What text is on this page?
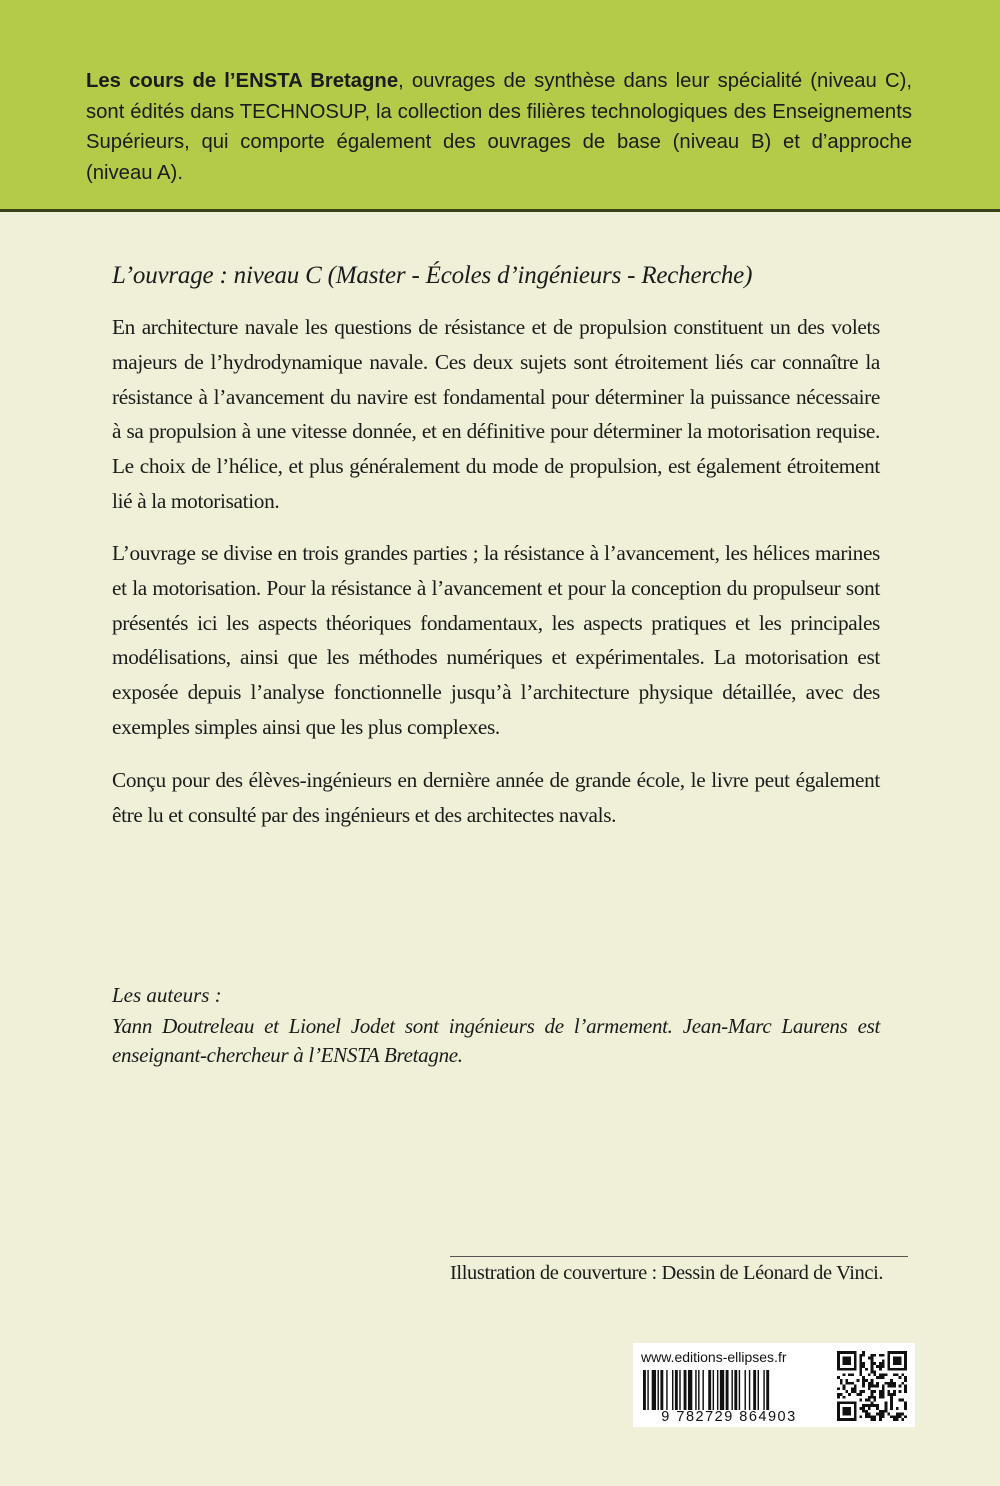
Les cours de l’ENSTA Bretagne, ouvrages de synthèse dans leur spécialité (niveau C), sont édités dans TECHNOSUP, la collection des filières technologiques des Enseignements Supérieurs, qui comporte également des ouvrages de base (niveau B) et d’approche (niveau A).
L’ouvrage : niveau C (Master - Écoles d’ingénieurs - Recherche)
En architecture navale les questions de résistance et de propulsion constituent un des volets majeurs de l’hydrodynamique navale. Ces deux sujets sont étroitement liés car connaître la résistance à l’avancement du navire est fondamental pour déterminer la puissance nécessaire à sa propulsion à une vitesse donnée, et en définitive pour déterminer la motorisation requise. Le choix de l’hélice, et plus généralement du mode de propulsion, est également étroitement lié à la motorisation.
L’ouvrage se divise en trois grandes parties ; la résistance à l’avancement, les hélices marines et la motorisation. Pour la résistance à l’avancement et pour la conception du propulseur sont présentés ici les aspects théoriques fondamentaux, les aspects pratiques et les principales modélisations, ainsi que les méthodes numériques et expérimentales. La motorisation est exposée depuis l’analyse fonctionnelle jusqu’à l’architecture physique détaillée, avec des exemples simples ainsi que les plus complexes.
Conçu pour des élèves-ingénieurs en dernière année de grande école, le livre peut également être lu et consulté par des ingénieurs et des architectes navals.
Les auteurs :
Yann Doutreleau et Lionel Jodet sont ingénieurs de l’armement. Jean-Marc Laurens est enseignant-chercheur à l’ENSTA Bretagne.
Illustration de couverture : Dessin de Léonard de Vinci.
www.editions-ellipses.fr
9 782729 864903
